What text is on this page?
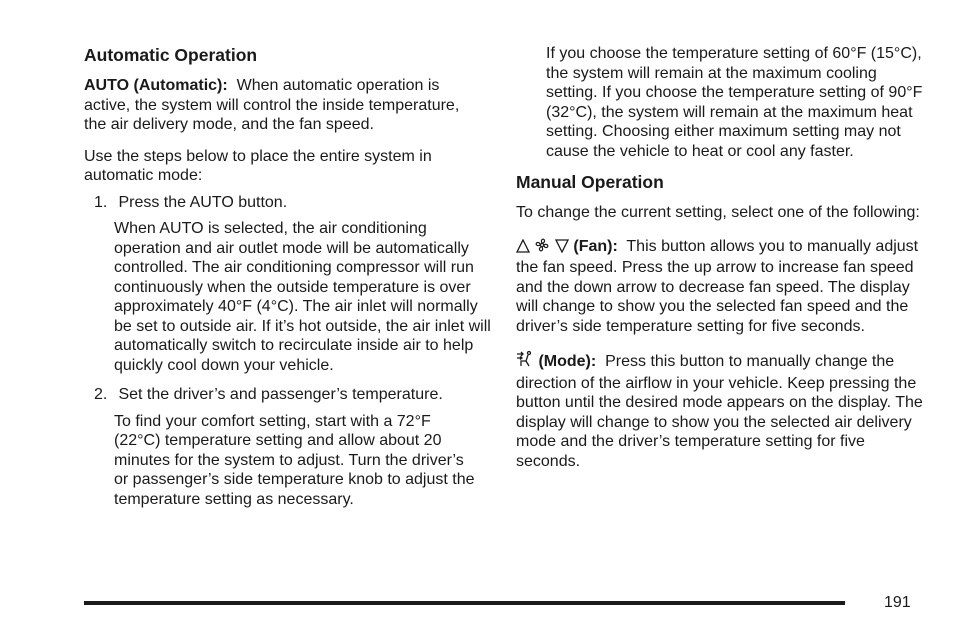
Automatic Operation

AUTO (Automatic): When automatic operation is active, the system will control the inside temperature, the air delivery mode, and the fan speed.

Use the steps below to place the entire system in automatic mode:

1. Press the AUTO button.

When AUTO is selected, the air conditioning operation and air outlet mode will be automatically controlled. The air conditioning compressor will run continuously when the outside temperature is over approximately 40°F (4°C). The air inlet will normally be set to outside air. If it’s hot outside, the air inlet will automatically switch to recirculate inside air to help quickly cool down your vehicle.

2. Set the driver’s and passenger’s temperature.

To find your comfort setting, start with a 72°F (22°C) temperature setting and allow about 20 minutes for the system to adjust. Turn the driver’s or passenger’s side temperature knob to adjust the temperature setting as necessary.

If you choose the temperature setting of 60°F (15°C), the system will remain at the maximum cooling setting. If you choose the temperature setting of 90°F (32°C), the system will remain at the maximum heat setting. Choosing either maximum setting may not cause the vehicle to heat or cool any faster.

Manual Operation

To change the current setting, select one of the following:

(Fan): This button allows you to manually adjust the fan speed. Press the up arrow to increase fan speed and the down arrow to decrease fan speed. The display will change to show you the selected fan speed and the driver’s side temperature setting for five seconds.

(Mode): Press this button to manually change the direction of the airflow in your vehicle. Keep pressing the button until the desired mode appears on the display. The display will change to show you the selected air delivery mode and the driver’s temperature setting for five seconds.

191
